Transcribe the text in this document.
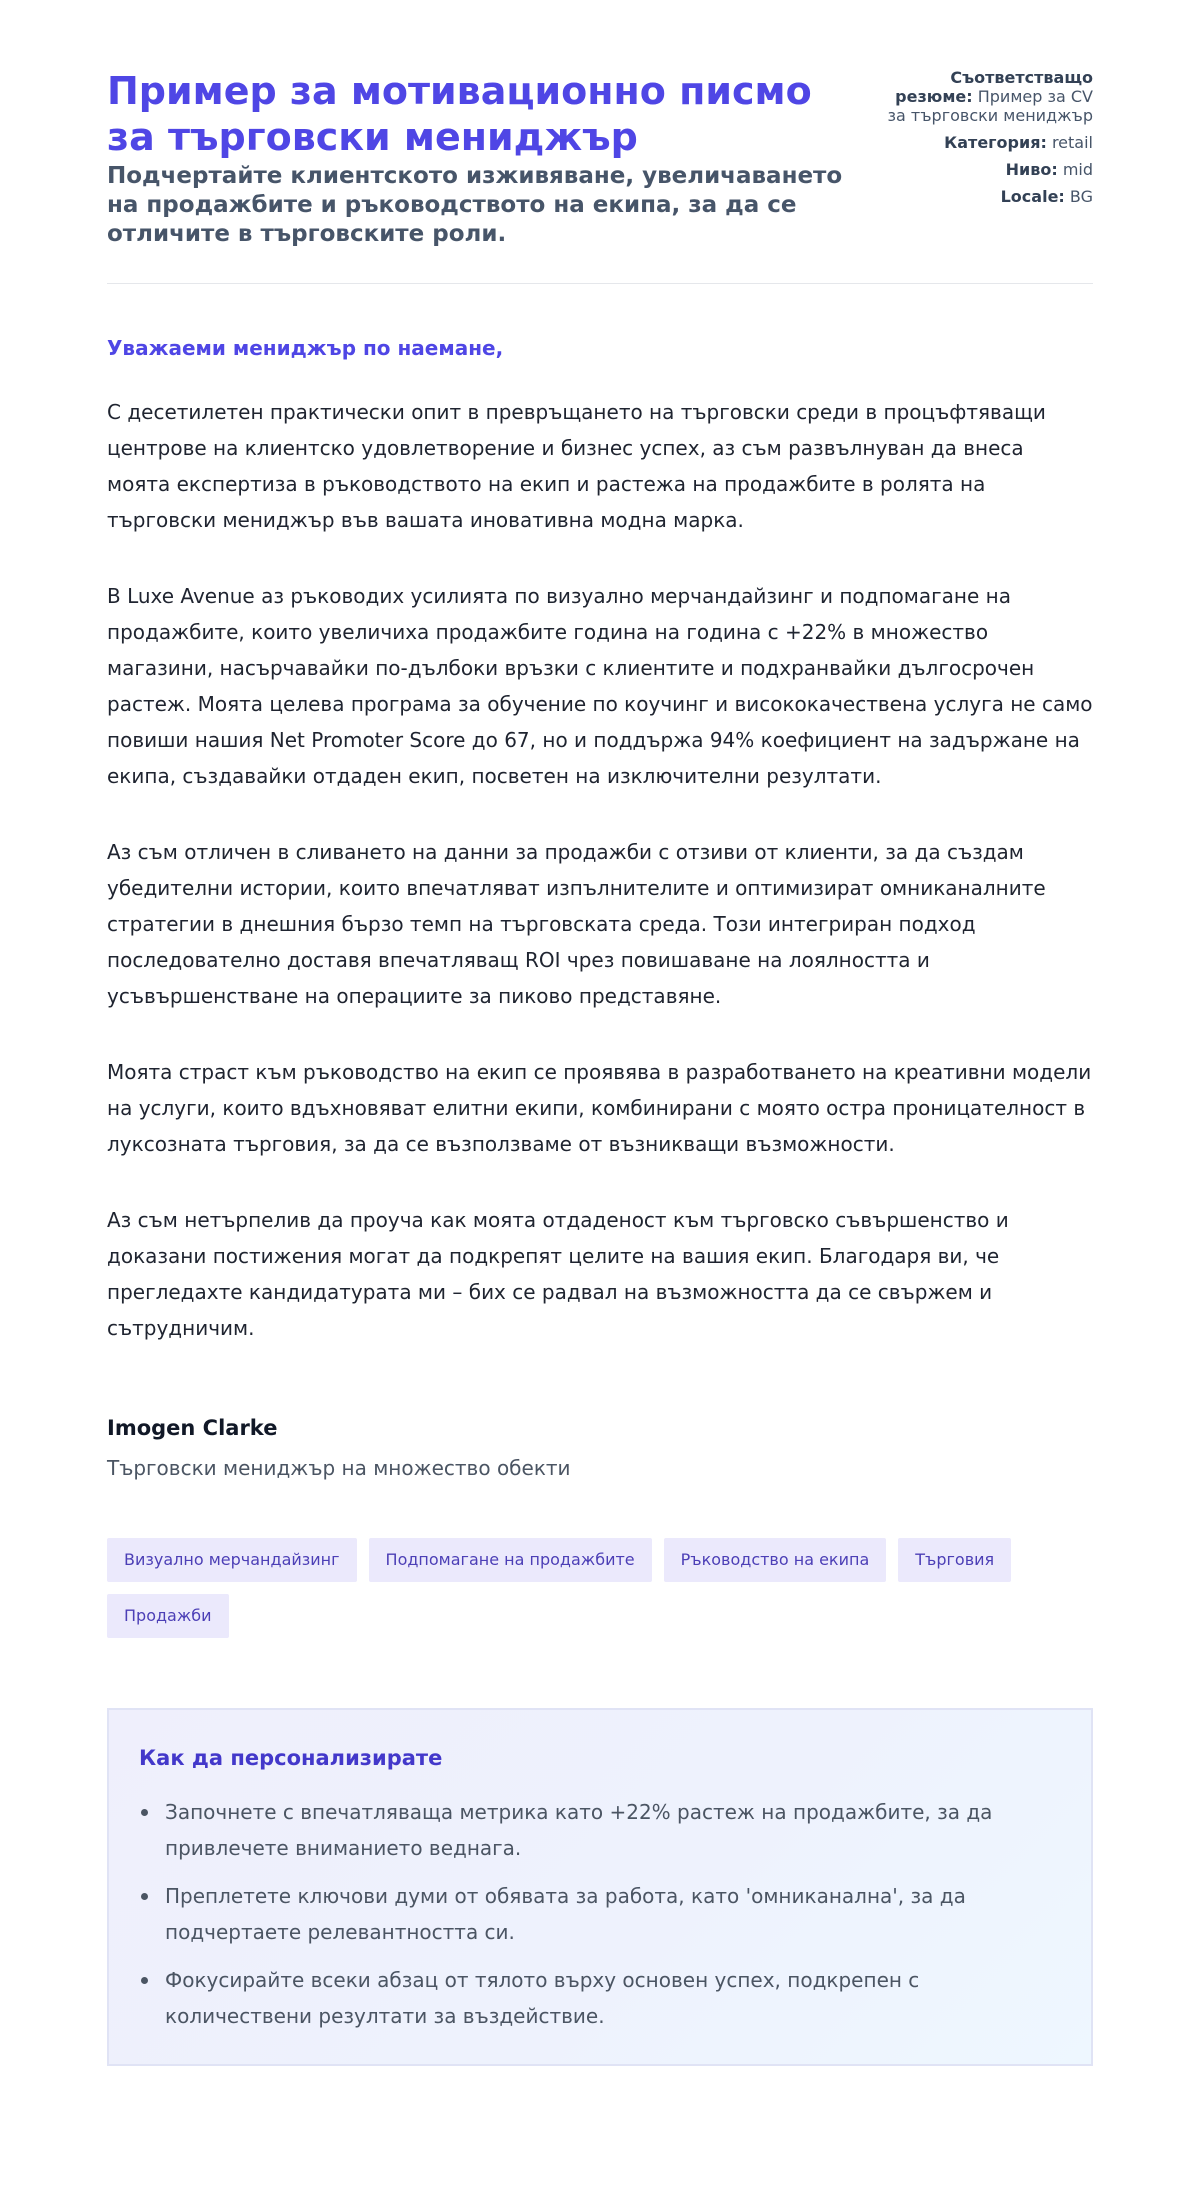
Пример за мотивационно писмо за търговски мениджър
Подчертайте клиентското изживяване, увеличаването на продажбите и ръководството на екипа, за да се отличите в търговските роли.
Съответстващо резюме: Пример за CV за търговски мениджър
Категория: retail
Ниво: mid
Locale: BG

Уважаеми мениджър по наемане,

С десетилетен практически опит в превръщането на търговски среди в процъфтяващи центрове на клиентско удовлетворение и бизнес успех, аз съм развълнуван да внеса моята експертиза в ръководството на екип и растежа на продажбите в ролята на търговски мениджър във вашата иновативна модна марка.

В Luxe Avenue аз ръководих усилията по визуално мерчандайзинг и подпомагане на продажбите, които увеличиха продажбите година на година с +22% в множество магазини, насърчавайки по-дълбоки връзки с клиентите и подхранвайки дългосрочен растеж. Моята целева програма за обучение по коучинг и висококачествена услуга не само повиши нашия Net Promoter Score до 67, но и поддържа 94% коефициент на задържане на екипа, създавайки отдаден екип, посветен на изключителни резултати.

Аз съм отличен в сливането на данни за продажби с отзиви от клиенти, за да създам убедителни истории, които впечатляват изпълнителите и оптимизират омниканалните стратегии в днешния бързо темп на търговската среда. Този интегриран подход последователно доставя впечатляващ ROI чрез повишаване на лоялността и усъвършенстване на операциите за пиково представяне.

Моята страст към ръководство на екип се проявява в разработването на креативни модели на услуги, които вдъхновяват елитни екипи, комбинирани с моято остра проницателност в луксозната търговия, за да се възползваме от възникващи възможности.

Аз съм нетърпелив да проуча как моята отдаденост към търговско съвършенство и доказани постижения могат да подкрепят целите на вашия екип. Благодаря ви, че прегледахте кандидатурата ми – бих се радвал на възможността да се свържем и сътрудничим.

Imogen Clarke
Търговски мениджър на множество обекти
Визуално мерчандайзинг	Подпомагане на продажбите	Ръководство на екипа	Търговия
Продажби
Как да персонализирате
Започнете с впечатляваща метрика като +22% растеж на продажбите, за да привлечете вниманието веднага.
Преплетете ключови думи от обявата за работа, като 'омниканална', за да подчертаете релевантността си.
Фокусирайте всеки абзац от тялото върху основен успех, подкрепен с количествени резултати за въздействие.
